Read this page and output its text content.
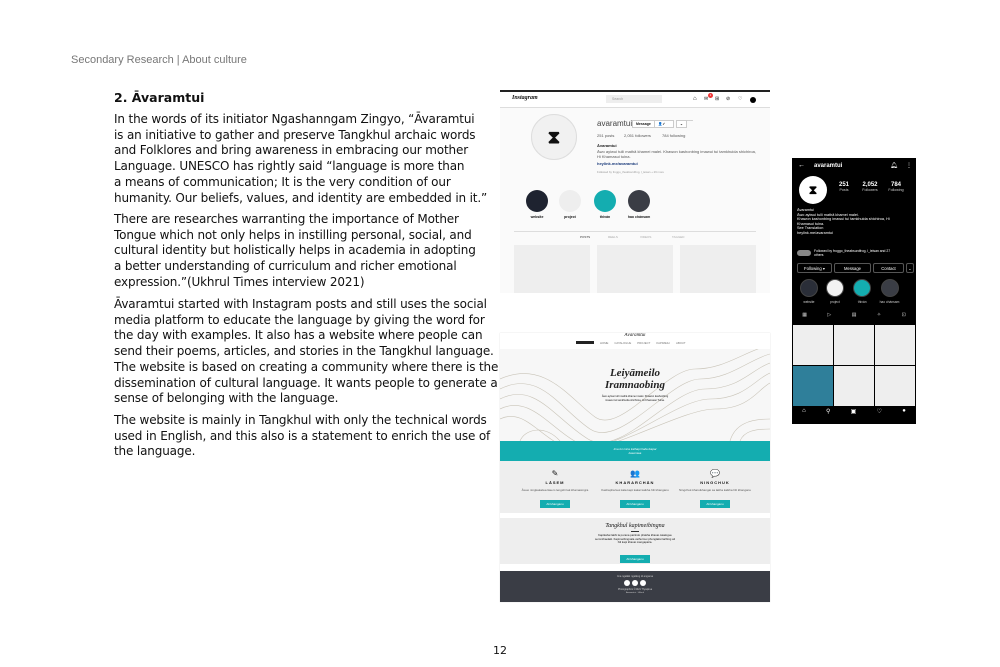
Secondary Research | About culture
2. Āvaramtui
In the words of its initiator Ngashanngam Zingyo, “Āvaramtui
is an initiative to gather and preserve Tangkhul archaic words
and Folklores and bring awareness in embracing our mother
Language. UNESCO has rightly said “language is more than
a means of communication; It is the very condition of our
humanity. Our beliefs, values, and identity are embedded in it.”
There are researches warranting the importance of Mother
Tongue which not only helps in instilling personal, social, and
cultural identity but holistically helps in academia in adopting
a better understanding of curriculum and richer emotional
expression.”(Ukhrul Times interview 2021)
Āvaramtui started with Instagram posts and still uses the social
media platform to educate the language by giving the word for
the day with examples. It also has a website where people can
send their poems, articles, and stories in the Tangkhul language.
The website is based on creating a community where there is the
dissemination of cultural language. It wants people to generate a
sense of belonging with the language.
The website is mainly in Tangkhul with only the technical words
used in English, and this also is a statement to enrich the use of
the language.
12
Instagram	Search	⌂ ✉
1
⊞ ⊘ ♡
⧗
avaramtui	Message	👤✓	⌄ ···
251 posts 2,051 followers	784 following
Āvaramtui
Āwo ayiwui tulli mathā khamei malei. Khawon kashonbing imawui tui tamkhuida shichiroa, Hi Khamasui tuina.
heylink.me/avaramtui
Followed by froggo_theabsurdfrog, l_leisan + 26 more
website	project	thiván	hao chánsam
POSTS	REELS	VIDEOS	TAGGED
Āvaramtui
HOME CATALOGUE PROJECT KAPIMEILI ABOUT
Leiyāmeilo
Iramnaobing
Āwo ayiwui tulli mathā khamei malei. Khawon kashonbing imawui tui tamkhuida shichiroa, Hi Khamasui Tuina.
Ima tui mina kathapi haila ikapai kasemwa
✎
LĀSEM
Āwuo ningkakaiwa lāsem lengshi lak khamasingra
Ali khanganu
👥
KHARARCHĀN
Kashapharwui kala kapi kakai kaikha hili khanganu
Ali khanganu
💬
NINGCHUK
Ningchuk kharuikhangai sa lakha kaikha hili khanganu
Ali khanganu
Tangkhul kapimeibingna
Kapikahai lakhi la purana pairindo phakha khavai catalogue semmihaolaki. Kapimeibingnala vathurmei phonglaksi laribing ali hili kapi khavai mangapaira.
Ali khanganu
Ima ngalāki ngalāng di angama
Photographics ©2021 Thyapirea
Āvaramtui · Ukhrul
← avaramtui	🔔︎ ⋮
⧗	251
Posts
2,052
Followers
784
Following
Āvaramtui
Āwo ayiwui tulli mathā khamei malei.
Khawon kashonbing imawui tui tamkhuida shichiroa, Hi
Khamasui tuina.
See Translation
heylink.me/avaramtui
Followed by froggo_theabsurdfrog, l_leisan and 27 others
Following ▾	Message	Contact	⌄
website	project	thiván	hao chánsam
▦	▷	▤	✧	⊡
⌂	⚲	▣	♡	●
